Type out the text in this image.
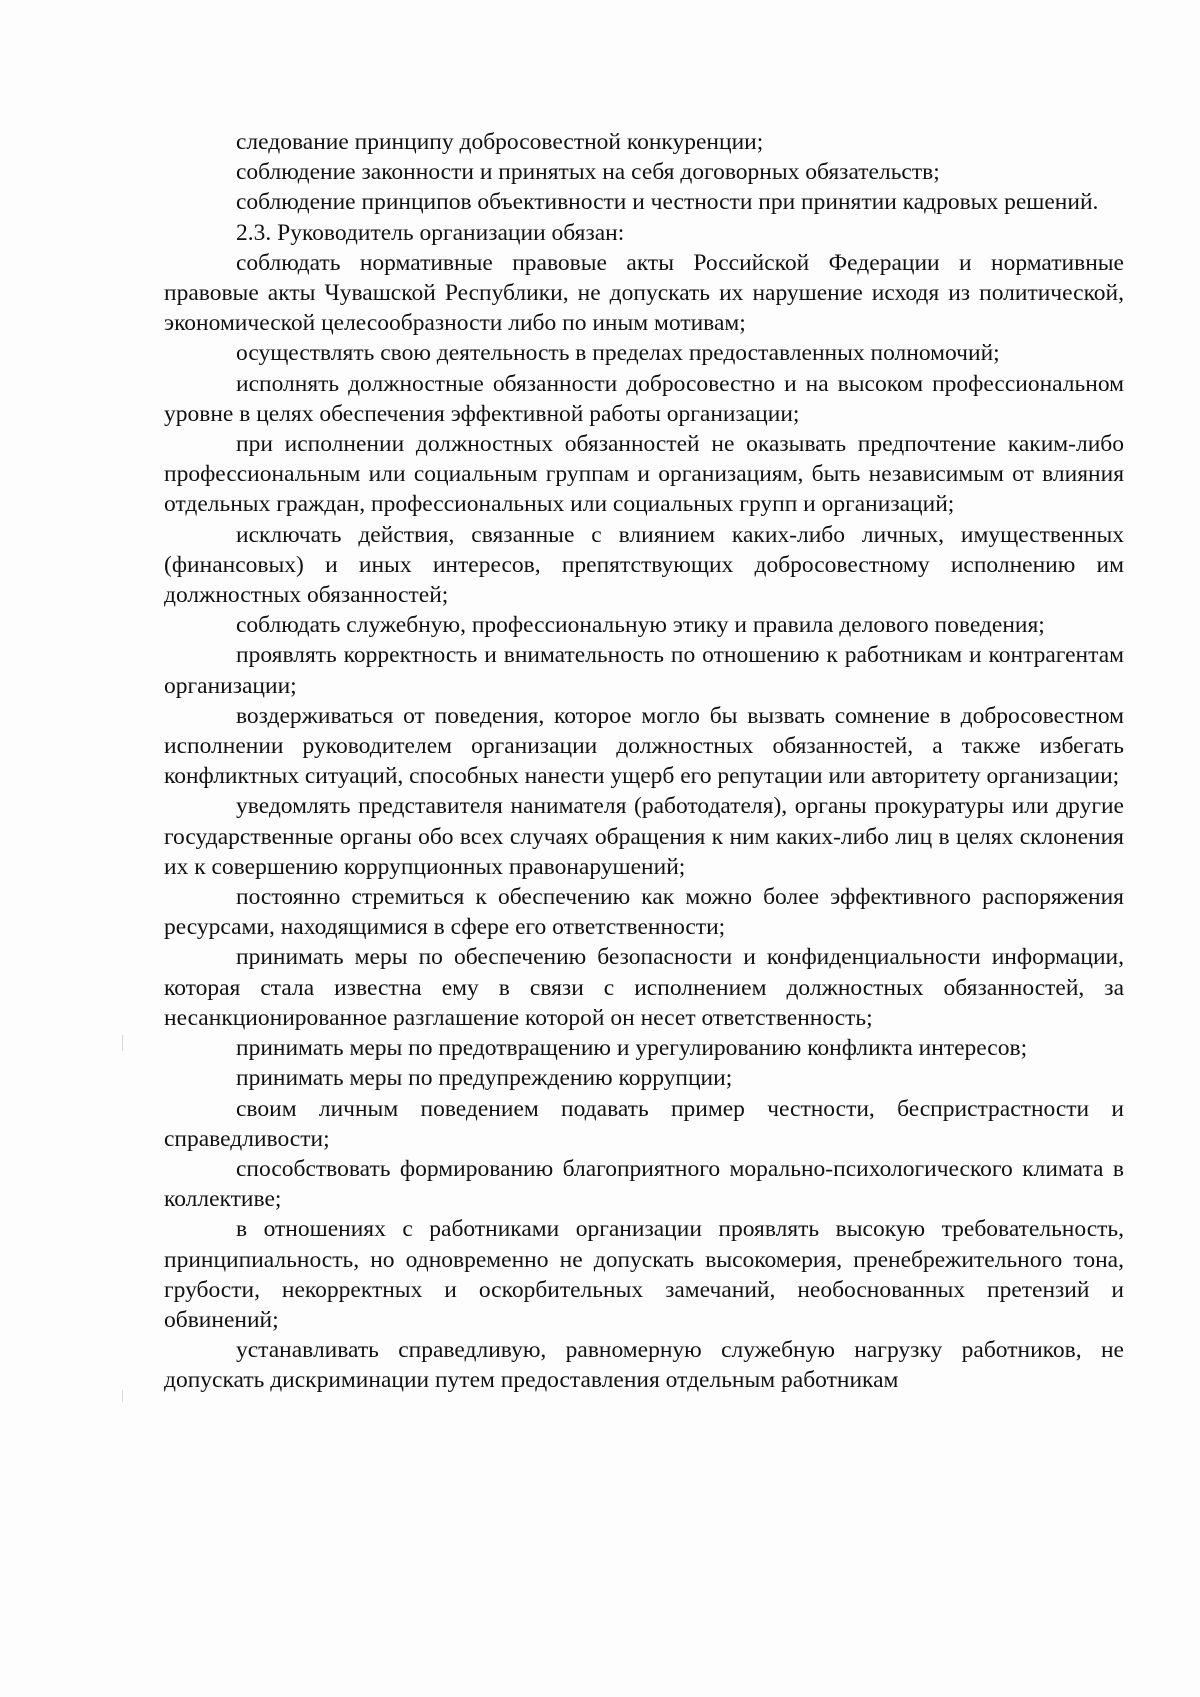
следование принципу добросовестной конкуренции;

соблюдение законности и принятых на себя договорных обязательств;

соблюдение принципов объективности и честности при принятии кадровых решений.

2.3. Руководитель организации обязан:

соблюдать нормативные правовые акты Российской Федерации и нормативные правовые акты Чувашской Республики, не допускать их нарушение исходя из политической, экономической целесообразности либо по иным мотивам;

осуществлять свою деятельность в пределах предоставленных полномочий;

исполнять должностные обязанности добросовестно и на высоком профессиональном уровне в целях обеспечения эффективной работы организации;

при исполнении должностных обязанностей не оказывать предпочтение каким-либо профессиональным или социальным группам и организациям, быть независимым от влияния отдельных граждан, профессиональных или социальных групп и организаций;

исключать действия, связанные с влиянием каких-либо личных, имущественных (финансовых) и иных интересов, препятствующих добросовестному исполнению им должностных обязанностей;

соблюдать служебную, профессиональную этику и правила делового поведения;

проявлять корректность и внимательность по отношению к работникам и контрагентам организации;

воздерживаться от поведения, которое могло бы вызвать сомнение в добросовестном исполнении руководителем организации должностных обязанностей, а также избегать конфликтных ситуаций, способных нанести ущерб его репутации или авторитету организации;

уведомлять представителя нанимателя (работодателя), органы прокуратуры или другие государственные органы обо всех случаях обращения к ним каких-либо лиц в целях склонения их к совершению коррупционных правонарушений;

постоянно стремиться к обеспечению как можно более эффективного распоряжения ресурсами, находящимися в сфере его ответственности;

принимать меры по обеспечению безопасности и конфиденциальности информации, которая стала известна ему в связи с исполнением должностных обязанностей, за несанкционированное разглашение которой он несет ответственность;

принимать меры по предотвращению и урегулированию конфликта интересов;

принимать меры по предупреждению коррупции;

своим личным поведением подавать пример честности, беспристрастности и справедливости;

способствовать формированию благоприятного морально-психологического климата в коллективе;

в отношениях с работниками организации проявлять высокую требовательность, принципиальность, но одновременно не допускать высокомерия, пренебрежительного тона, грубости, некорректных и оскорбительных замечаний, необоснованных претензий и обвинений;

устанавливать справедливую, равномерную служебную нагрузку работников, не допускать дискриминации путем предоставления отдельным работникам
